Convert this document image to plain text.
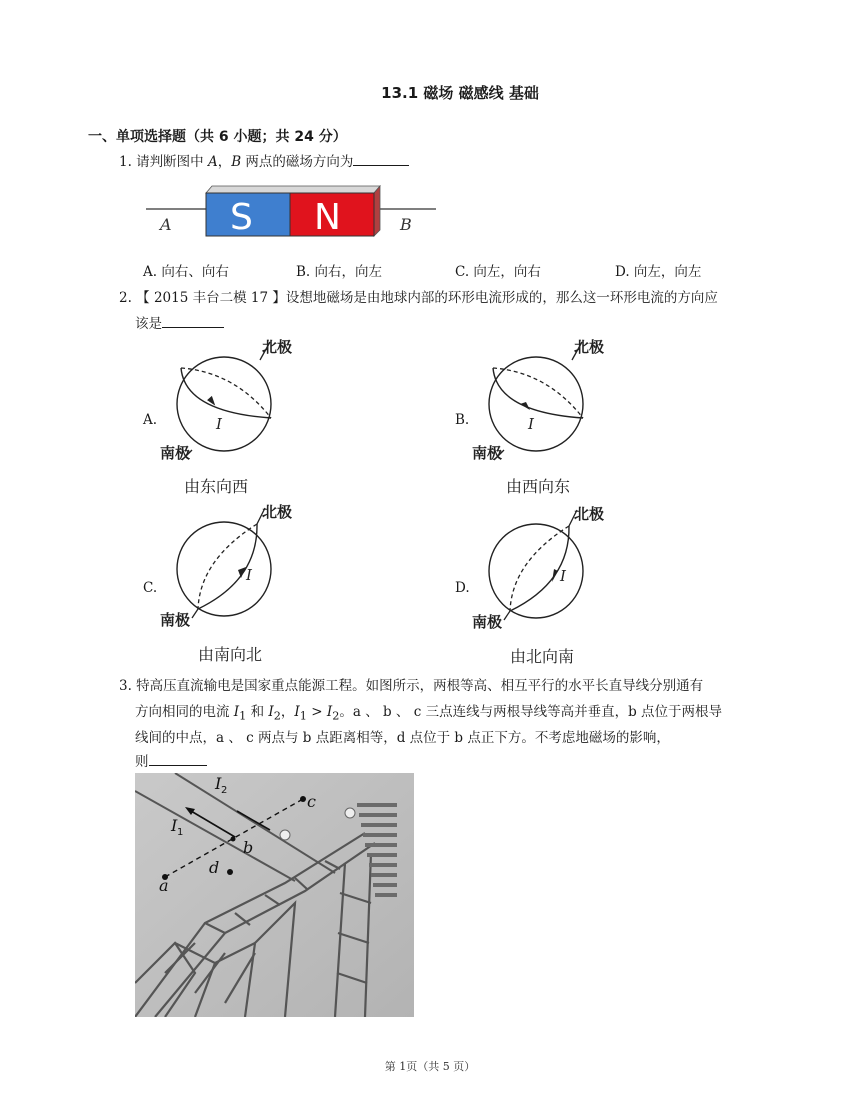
13.1 磁场 磁感线 基础
一、单项选择题（共 6 小题；共 24 分）
1. 请判断图中 A，B 两点的磁场方向为
S N
A	B
A. 向右、向右	B. 向右，向左	C. 向左，向右	D. 向左，向左
2. 【 2015 丰台二模 17 】设想地磁场是由地球内部的环形电流形成的，那么这一环形电流的方向应
该是
北极
南极
I
由东向西
A.
北极
南极
I
由西向东
B.
北极
南极
I
由南向北
C.
北极
南极
I
由北向南
D.
3. 特高压直流输电是国家重点能源工程。如图所示，两根等高、相互平行的水平长直导线分别通有
方向相同的电流 $I_1$ 和 $I_2$，$I_1 > I_2$。a 、 b 、 c 三点连线与两根导线等高并垂直，b 点位于两根导
线间的中点，a 、 c 两点与 b 点距离相等，d 点位于 b 点正下方。不考虑地磁场的影响，
则
I 1
I 2
a
b
c
d
第 1页（共 5 页）
